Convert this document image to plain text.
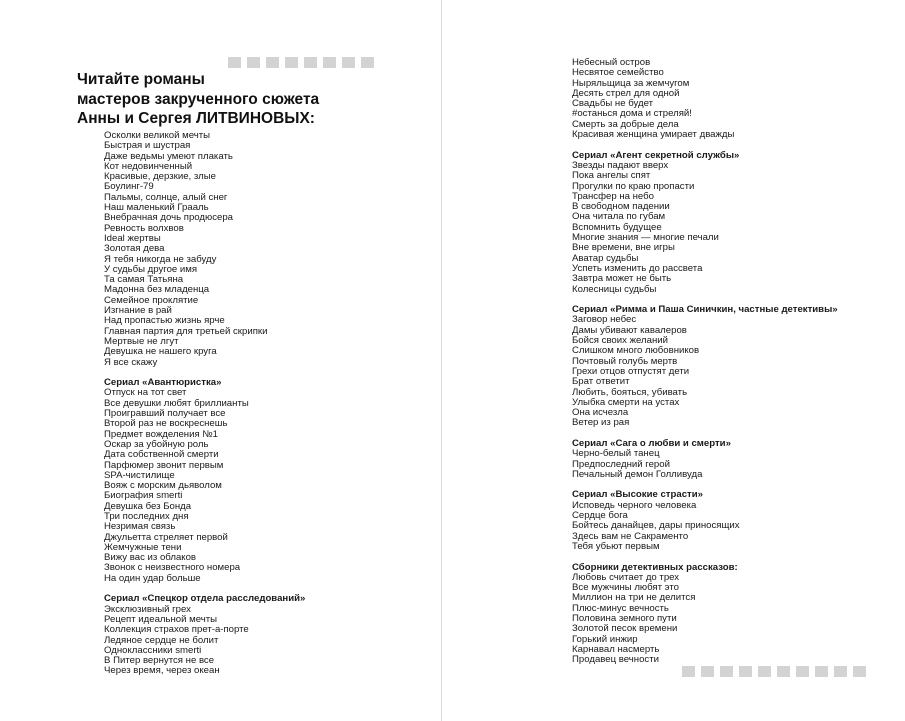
Читайте романы
мастеров закрученного сюжета
Анны и Сергея ЛИТВИНОВЫХ:
Осколки великой мечты
Быстрая и шустрая
Даже ведьмы умеют плакать
Кот недовинченный
Красивые, дерзкие, злые
Боулинг-79
Пальмы, солнце, алый снег
Наш маленький Грааль
Внебрачная дочь продюсера
Ревность волхвов
Ideal жертвы
Золотая дева
Я тебя никогда не забуду
У судьбы другое имя
Та самая Татьяна
Мадонна без младенца
Семейное проклятие
Изгнание в рай
Над пропастью жизнь ярче
Главная партия для третьей скрипки
Мертвые не лгут
Девушка не нашего круга
Я все скажу
Сериал «Авантюристка»
Отпуск на тот свет
Все девушки любят бриллианты
Проигравший получает все
Второй раз не воскреснешь
Предмет вожделения №1
Оскар за убойную роль
Дата собственной смерти
Парфюмер звонит первым
SPA-чистилище
Вояж с морским дьяволом
Биография smerti
Девушка без Бонда
Три последних дня
Незримая связь
Джульетта стреляет первой
Жемчужные тени
Вижу вас из облаков
Звонок с неизвестного номера
На один удар больше
Сериал «Спецкор отдела расследований»
Эксклюзивный грех
Рецепт идеальной мечты
Коллекция страхов прет-а-порте
Ледяное сердце не болит
Одноклассники smerti
В Питер вернутся не все
Через время, через океан
Небесный остров
Несвятое семейство
Ныряльщица за жемчугом
Десять стрел для одной
Свадьбы не будет
#останься дома и стреляй!
Смерть за добрые дела
Красивая женщина умирает дважды
Сериал «Агент секретной службы»
Звезды падают вверх
Пока ангелы спят
Прогулки по краю пропасти
Трансфер на небо
В свободном падении
Она читала по губам
Вспомнить будущее
Многие знания — многие печали
Вне времени, вне игры
Аватар судьбы
Успеть изменить до рассвета
Завтра может не быть
Колесницы судьбы
Сериал «Римма и Паша Синичкин, частные детективы»
Заговор небес
Дамы убивают кавалеров
Бойся своих желаний
Слишком много любовников
Почтовый голубь мертв
Грехи отцов отпустят дети
Брат ответит
Любить, бояться, убивать
Улыбка смерти на устах
Она исчезла
Ветер из рая
Сериал «Сага о любви и смерти»
Черно-белый танец
Предпоследний герой
Печальный демон Голливуда
Сериал «Высокие страсти»
Исповедь черного человека
Сердце бога
Бойтесь данайцев, дары приносящих
Здесь вам не Сакраменто
Тебя убьют первым
Сборники детективных рассказов:
Любовь считает до трех
Все мужчины любят это
Миллион на три не делится
Плюс-минус вечность
Половина земного пути
Золотой песок времени
Горький инжир
Карнавал насмерть
Продавец вечности
